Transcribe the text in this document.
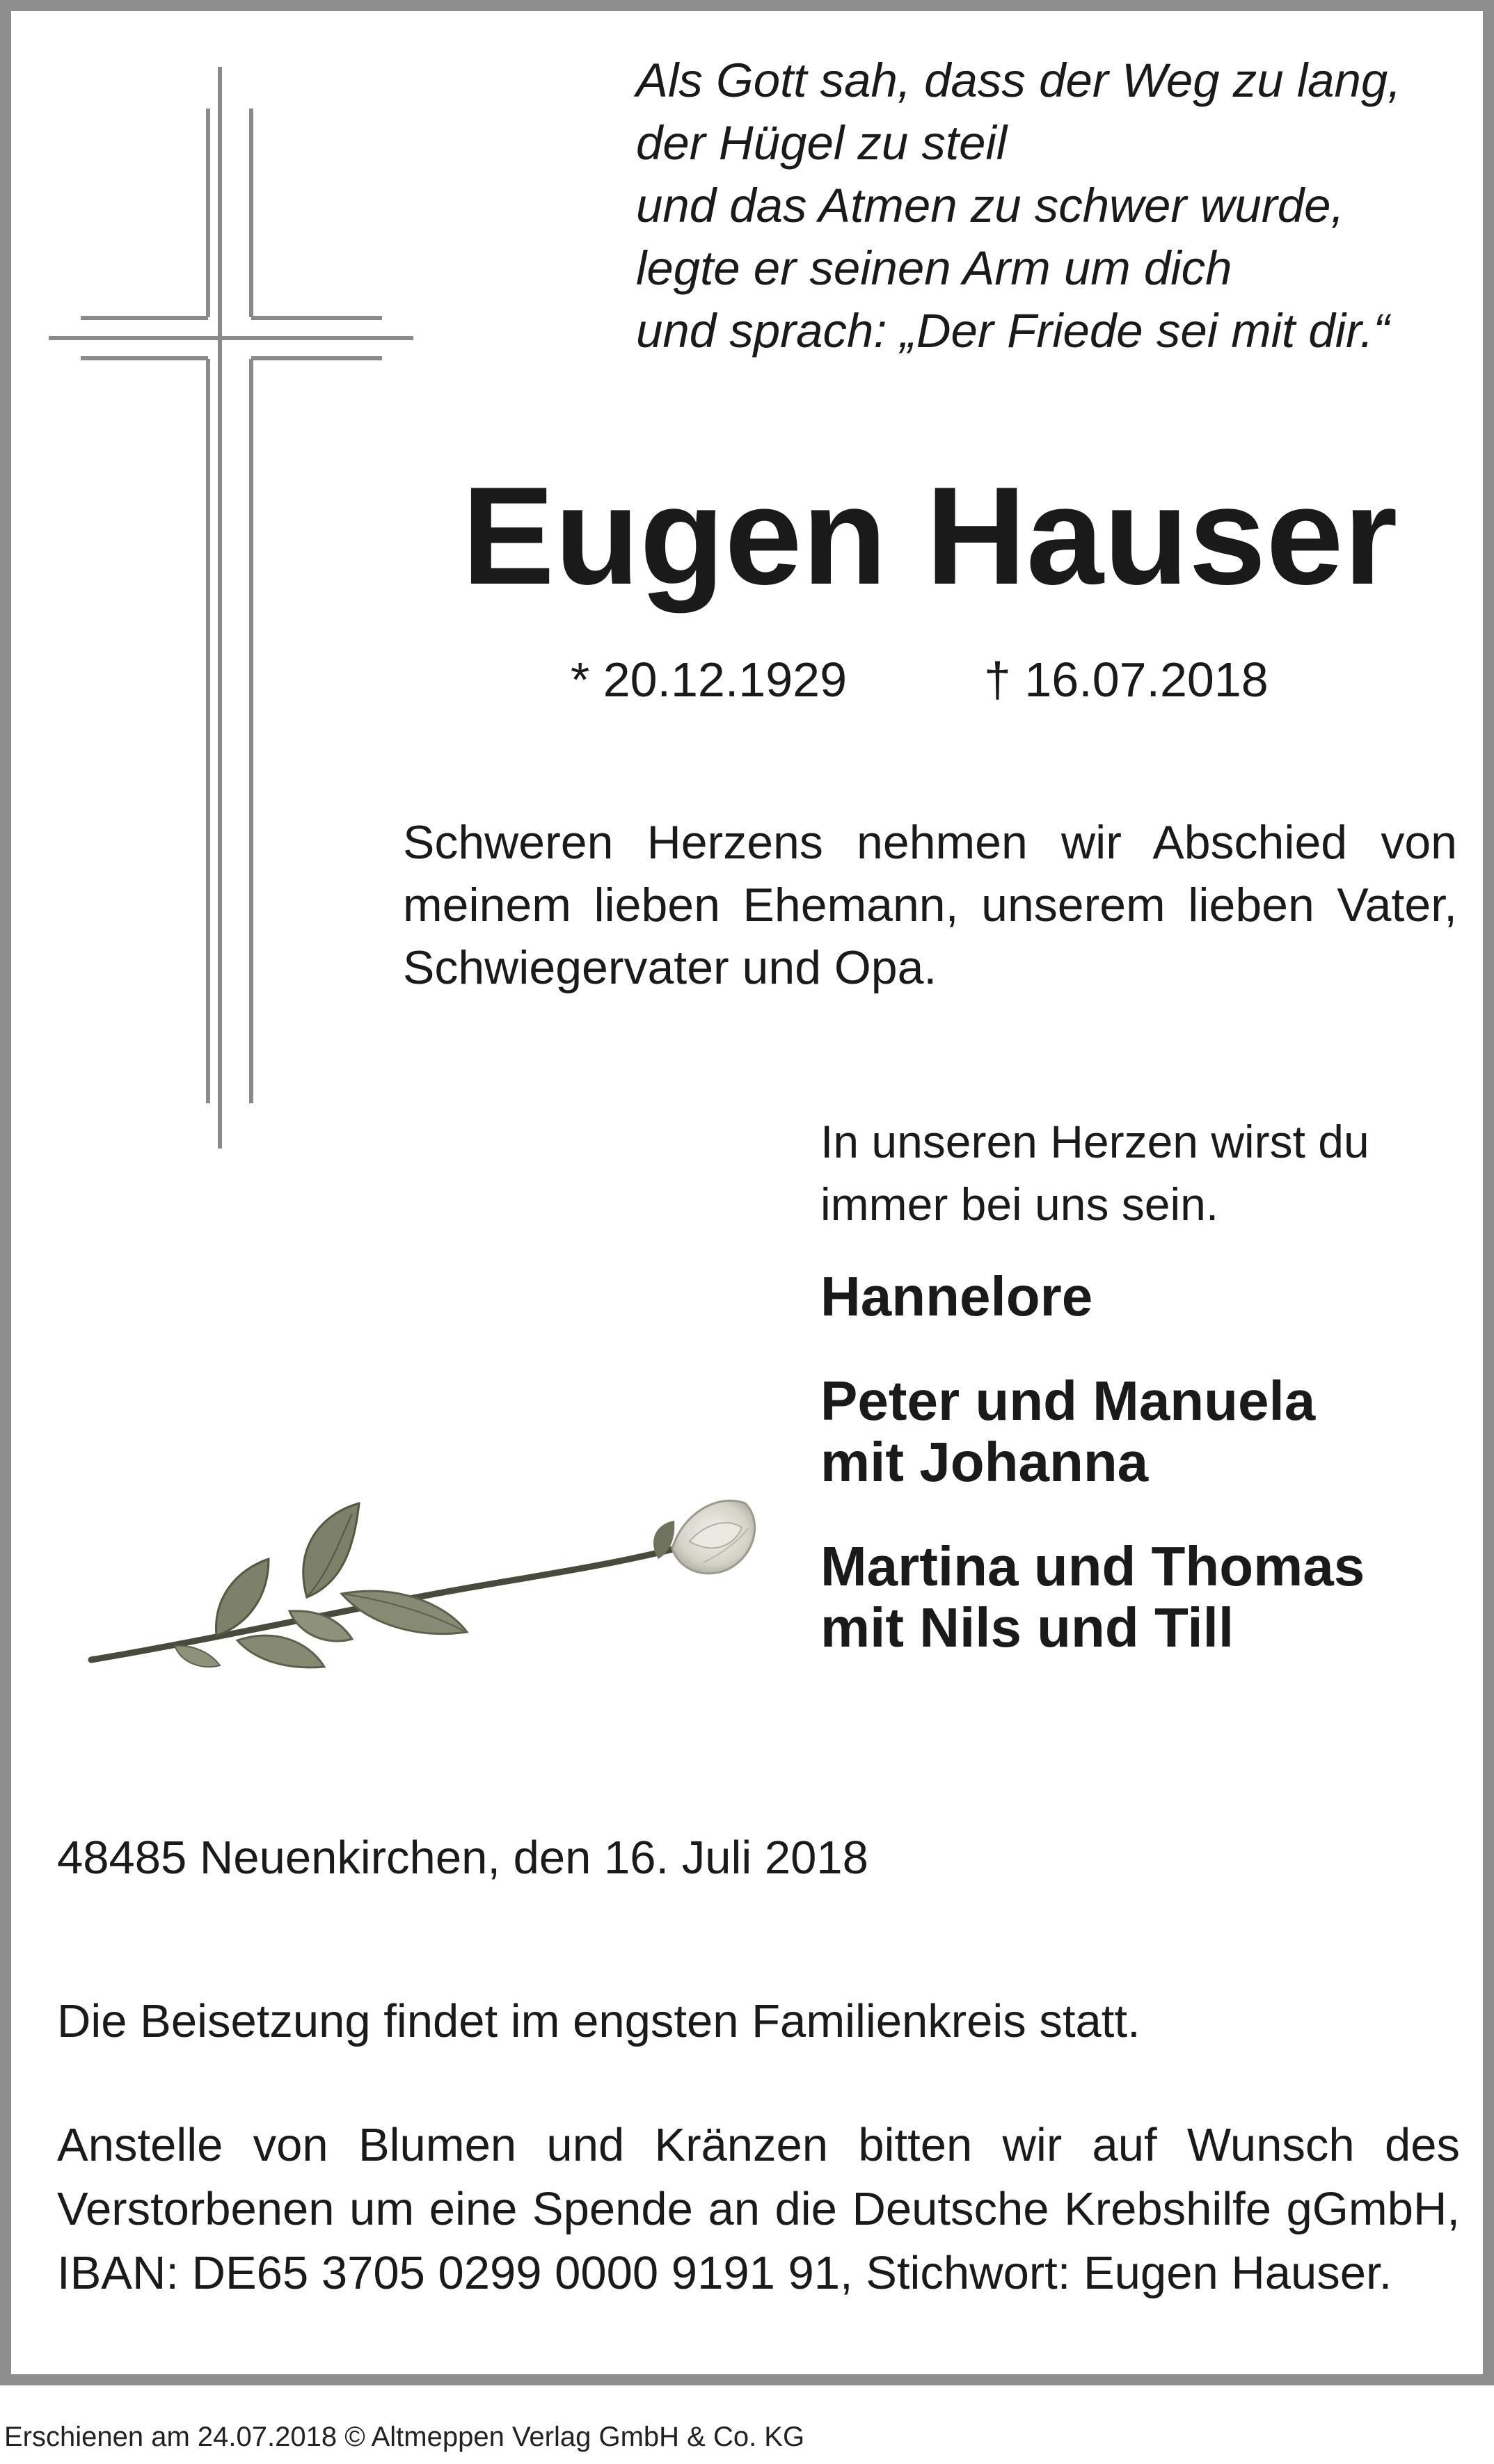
Als Gott sah, dass der Weg zu lang,
der Hügel zu steil
und das Atmen zu schwer wurde,
legte er seinen Arm um dich
und sprach: „Der Friede sei mit dir.“
Eugen Hauser
* 20.12.1929	† 16.07.2018

Schweren Herzens nehmen wir Abschied von meinem lieben Ehemann, unserem lieben Vater, Schwiegervater und Opa.

In unseren Herzen wirst du immer bei uns sein.

Hannelore
Peter und Manuela
mit Johanna
Martina und Thomas
mit Nils und Till

48485 Neuenkirchen, den 16. Juli 2018

Die Beisetzung findet im engsten Familienkreis statt.

Anstelle von Blumen und Kränzen bitten wir auf Wunsch des Verstorbenen um eine Spende an die Deutsche Krebshilfe gGmbH, IBAN: DE65 3705 0299 0000 9191 91, Stichwort: Eugen Hauser.

Erschienen am 24.07.2018 © Altmeppen Verlag GmbH & Co. KG
